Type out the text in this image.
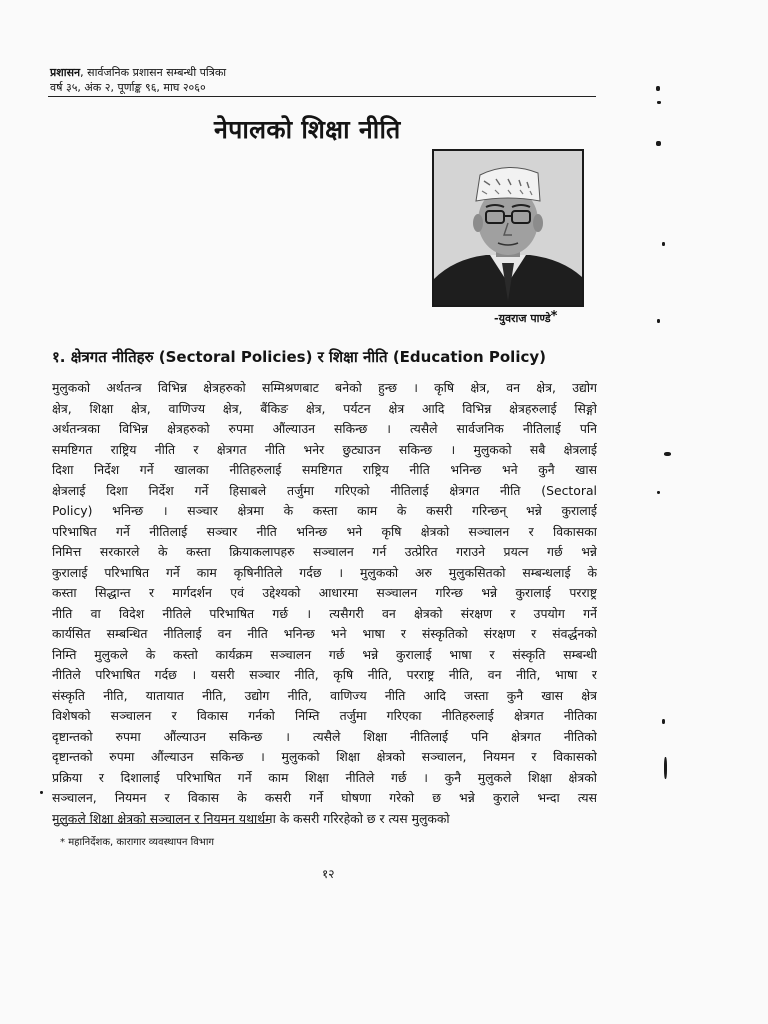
प्रशासन, सार्वजनिक प्रशासन सम्बन्धी पत्रिका
वर्ष ३५, अंक २, पूर्णाङ्क ९६, माघ २०६०
नेपालको शिक्षा नीति
-युवराज पाण्डे*
१. क्षेत्रगत नीतिहरु (Sectoral Policies) र शिक्षा नीति (Education Policy)
मुलुकको अर्थतन्त्र विभिन्न क्षेत्रहरुको सम्मिश्रणबाट बनेको हुन्छ । कृषि क्षेत्र, वन क्षेत्र, उद्योग
क्षेत्र, शिक्षा क्षेत्र, वाणिज्य क्षेत्र, बैंकिङ क्षेत्र, पर्यटन क्षेत्र आदि विभिन्न क्षेत्रहरुलाई सिङ्गो
अर्थतन्त्रका विभिन्न क्षेत्रहरुको रुपमा औंल्याउन सकिन्छ । त्यसैले सार्वजनिक नीतिलाई पनि
समष्टिगत राष्ट्रिय नीति र क्षेत्रगत नीति भनेर छुट्याउन सकिन्छ । मुलुकको सबै क्षेत्रलाई
दिशा निर्देश गर्ने खालका नीतिहरुलाई समष्टिगत राष्ट्रिय नीति भनिन्छ भने कुनै खास
क्षेत्रलाई दिशा निर्देश गर्ने हिसाबले तर्जुमा गरिएको नीतिलाई क्षेत्रगत नीति (Sectoral
Policy) भनिन्छ । सञ्चार क्षेत्रमा के कस्ता काम के कसरी गरिन्छन् भन्ने कुरालाई
परिभाषित गर्ने नीतिलाई सञ्चार नीति भनिन्छ भने कृषि क्षेत्रको सञ्चालन र विकासका
निमित्त सरकारले के कस्ता क्रियाकलापहरु सञ्चालन गर्न उत्प्रेरित गराउने प्रयत्न गर्छ भन्ने
कुरालाई परिभाषित गर्ने काम कृषिनीतिले गर्दछ । मुलुकको अरु मुलुकसितको सम्बन्धलाई के
कस्ता सिद्धान्त र मार्गदर्शन एवं उद्देश्यको आधारमा सञ्चालन गरिन्छ भन्ने कुरालाई परराष्ट्र
नीति वा विदेश नीतिले परिभाषित गर्छ । त्यसैगरी वन क्षेत्रको संरक्षण र उपयोग गर्ने
कार्यसित सम्बन्धित नीतिलाई वन नीति भनिन्छ भने भाषा र संस्कृतिको संरक्षण र संवर्द्धनको
निम्ति मुलुकले के कस्तो कार्यक्रम सञ्चालन गर्छ भन्ने कुरालाई भाषा र संस्कृति सम्बन्धी
नीतिले परिभाषित गर्दछ । यसरी सञ्चार नीति, कृषि नीति, परराष्ट्र नीति, वन नीति, भाषा र
संस्कृति नीति, यातायात नीति, उद्योग नीति, वाणिज्य नीति आदि जस्ता कुनै खास क्षेत्र
विशेषको सञ्चालन र विकास गर्नको निम्ति तर्जुमा गरिएका नीतिहरुलाई क्षेत्रगत नीतिका
दृष्टान्तको रुपमा औंल्याउन सकिन्छ । त्यसैले शिक्षा नीतिलाई पनि क्षेत्रगत नीतिको
दृष्टान्तको रुपमा औंल्याउन सकिन्छ । मुलुकको शिक्षा क्षेत्रको सञ्चालन, नियमन र विकासको
प्रक्रिया र दिशालाई परिभाषित गर्ने काम शिक्षा नीतिले गर्छ । कुनै मुलुकले शिक्षा क्षेत्रको
सञ्चालन, नियमन र विकास के कसरी गर्ने घोषणा गरेको छ भन्ने कुराले भन्दा त्यस
मुलुकले शिक्षा क्षेत्रको सञ्चालन र नियमन यथार्थमा के कसरी गरिरहेको छ र त्यस मुलुकको
* महानिर्देशक, कारागार व्यवस्थापन विभाग
१२
